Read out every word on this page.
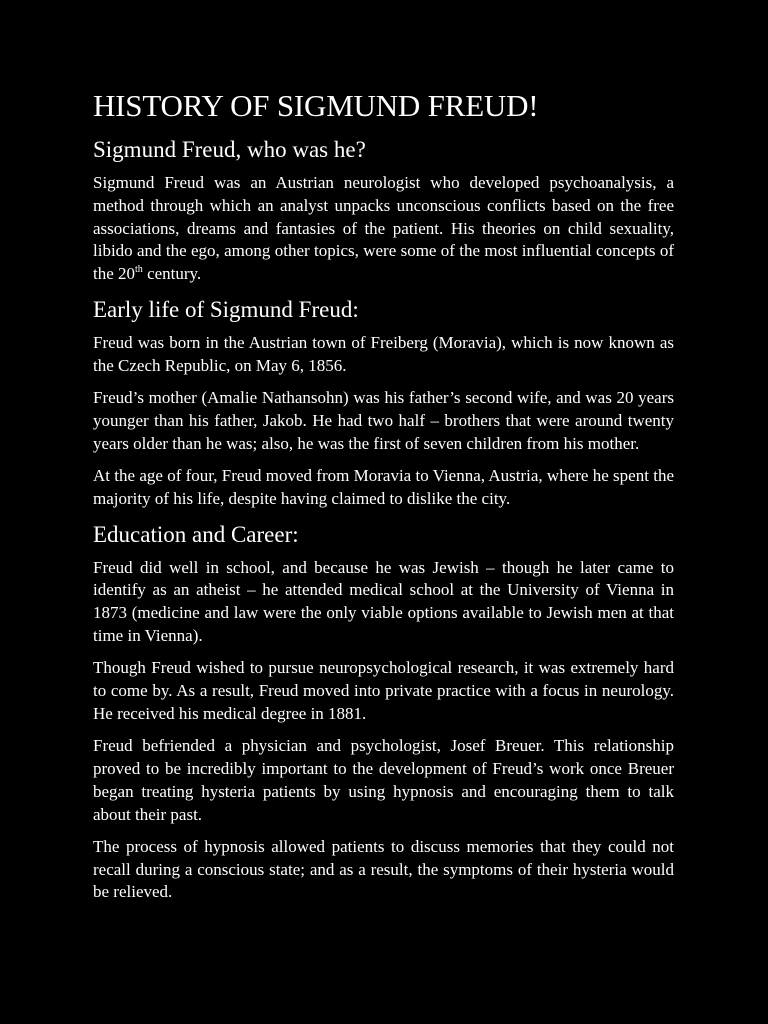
HISTORY OF SIGMUND FREUD!
Sigmund Freud, who was he?

Sigmund Freud was an Austrian neurologist who developed psychoanalysis, a method through which an analyst unpacks unconscious conflicts based on the free associations, dreams and fantasies of the patient. His theories on child sexuality, libido and the ego, among other topics, were some of the most influential concepts of the 20th century.

Early life of Sigmund Freud:

Freud was born in the Austrian town of Freiberg (Moravia), which is now known as the Czech Republic, on May 6, 1856.

Freud’s mother (Amalie Nathansohn) was his father’s second wife, and was 20 years younger than his father, Jakob. He had two half – brothers that were around twenty years older than he was; also, he was the first of seven children from his mother.

At the age of four, Freud moved from Moravia to Vienna, Austria, where he spent the majority of his life, despite having claimed to dislike the city.

Education and Career:

Freud did well in school, and because he was Jewish – though he later came to identify as an atheist – he attended medical school at the University of Vienna in 1873 (medicine and law were the only viable options available to Jewish men at that time in Vienna).

Though Freud wished to pursue neuropsychological research, it was extremely hard to come by. As a result, Freud moved into private practice with a focus in neurology. He received his medical degree in 1881.

Freud befriended a physician and psychologist, Josef Breuer. This relationship proved to be incredibly important to the development of Freud’s work once Breuer began treating hysteria patients by using hypnosis and encouraging them to talk about their past.

The process of hypnosis allowed patients to discuss memories that they could not recall during a conscious state; and as a result, the symptoms of their hysteria would be relieved.
